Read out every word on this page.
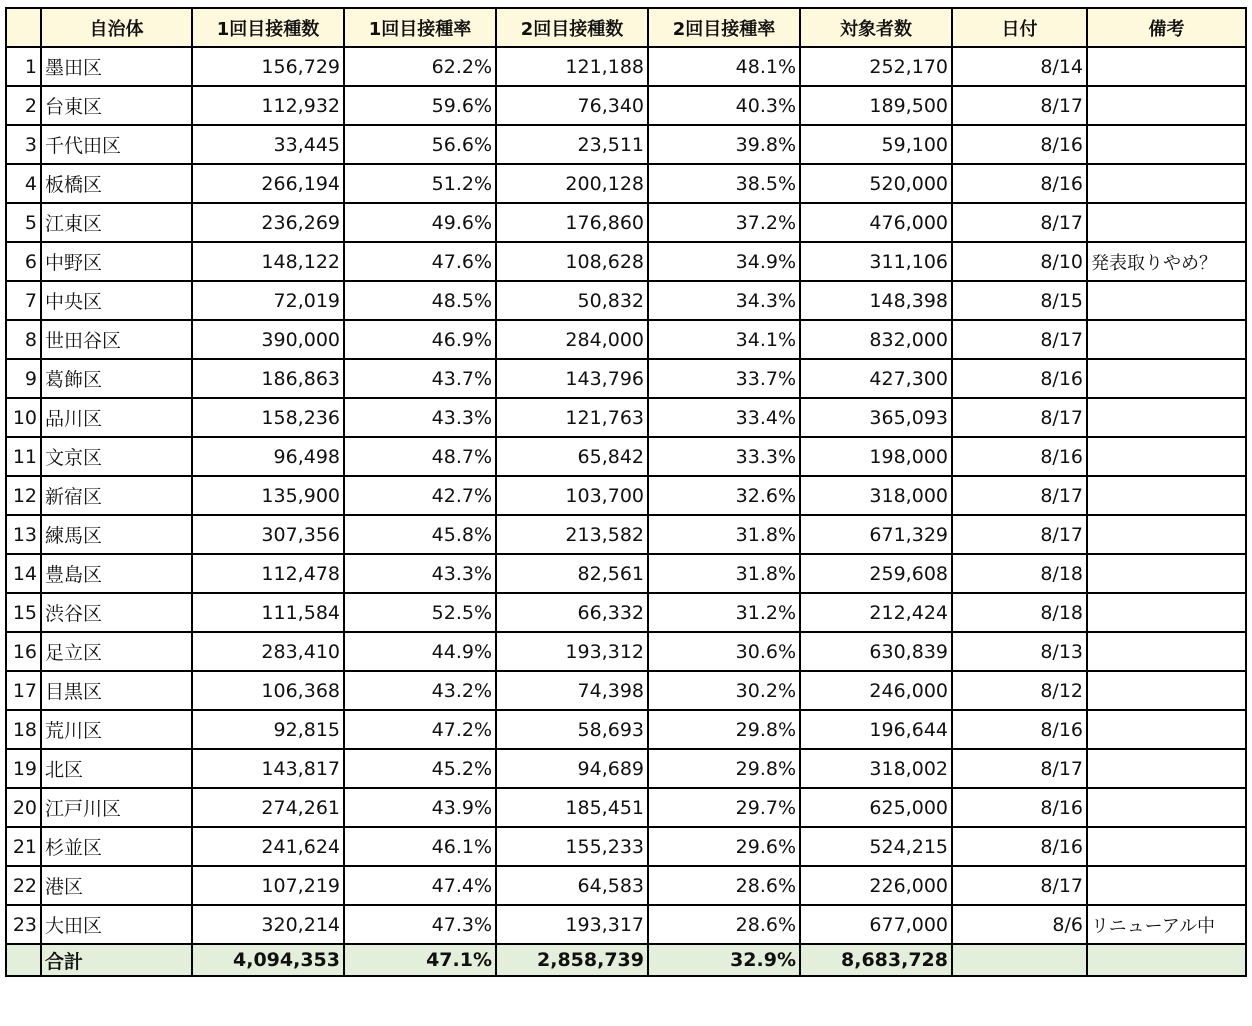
	自治体	1回目接種数	1回目接種率	2回目接種数	2回目接種率	対象者数	日付	備考
1	墨田区	156,729	62.2%	121,188	48.1%	252,170	8/14	
2	台東区	112,932	59.6%	76,340	40.3%	189,500	8/17	
3	千代田区	33,445	56.6%	23,511	39.8%	59,100	8/16	
4	板橋区	266,194	51.2%	200,128	38.5%	520,000	8/16	
5	江東区	236,269	49.6%	176,860	37.2%	476,000	8/17	
6	中野区	148,122	47.6%	108,628	34.9%	311,106	8/10	発表取りやめ？
7	中央区	72,019	48.5%	50,832	34.3%	148,398	8/15	
8	世田谷区	390,000	46.9%	284,000	34.1%	832,000	8/17	
9	葛飾区	186,863	43.7%	143,796	33.7%	427,300	8/16	
10	品川区	158,236	43.3%	121,763	33.4%	365,093	8/17	
11	文京区	96,498	48.7%	65,842	33.3%	198,000	8/16	
12	新宿区	135,900	42.7%	103,700	32.6%	318,000	8/17	
13	練馬区	307,356	45.8%	213,582	31.8%	671,329	8/17	
14	豊島区	112,478	43.3%	82,561	31.8%	259,608	8/18	
15	渋谷区	111,584	52.5%	66,332	31.2%	212,424	8/18	
16	足立区	283,410	44.9%	193,312	30.6%	630,839	8/13	
17	目黒区	106,368	43.2%	74,398	30.2%	246,000	8/12	
18	荒川区	92,815	47.2%	58,693	29.8%	196,644	8/16	
19	北区	143,817	45.2%	94,689	29.8%	318,002	8/17	
20	江戸川区	274,261	43.9%	185,451	29.7%	625,000	8/16	
21	杉並区	241,624	46.1%	155,233	29.6%	524,215	8/16	
22	港区	107,219	47.4%	64,583	28.6%	226,000	8/17	
23	大田区	320,214	47.3%	193,317	28.6%	677,000	8/6	リニューアル中
	合計	4,094,353	47.1%	2,858,739	32.9%	8,683,728		
